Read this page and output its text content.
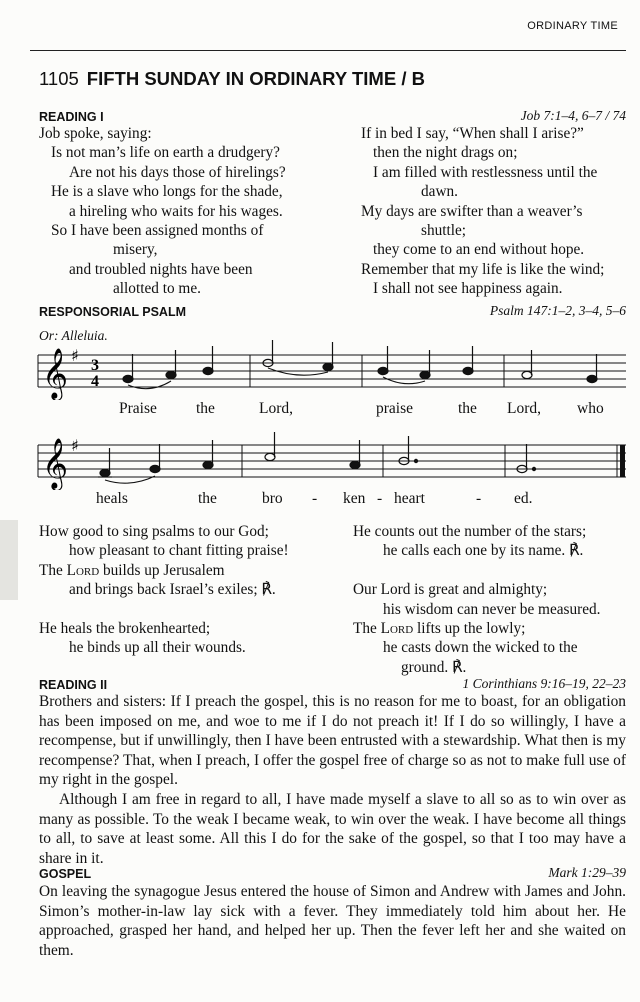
ORDINARY TIME
1105 FIFTH SUNDAY IN ORDINARY TIME / B
READING I	Job 7:1–4, 6–7 / 74
Job spoke, saying:
Is not man’s life on earth a drudgery?
Are not his days those of hirelings?
He is a slave who longs for the shade,
a hireling who waits for his wages.
So I have been assigned months of
misery,
and troubled nights have been
allotted to me.
If in bed I say, “When shall I arise?”
then the night drags on;
I am filled with restlessness until the
dawn.
My days are swifter than a weaver’s
shuttle;
they come to an end without hope.
Remember that my life is like the wind;
I shall not see happiness again.
RESPONSORIAL PSALM	Psalm 147:1–2, 3–4, 5–6
Or: Alleluia.
𝄞 ♯
3
4
Praise	the	Lord,	praise	the Lord, who
𝄞 ♯
heals	the	bro - ken - heart	- ed.
How good to sing psalms to our God;
how pleasant to chant fitting praise!
The Lord builds up Jerusalem
and brings back Israel’s exiles; ℟.
He heals the brokenhearted;
he binds up all their wounds.
He counts out the number of the stars;
he calls each one by its name. ℟.
Our Lord is great and almighty;
his wisdom can never be measured.
The Lord lifts up the lowly;
he casts down the wicked to the
ground. ℟.
READING II	1 Corinthians 9:16–19, 22–23

Brothers and sisters: If I preach the gospel, this is no reason for me to boast, for an obligation has been imposed on me, and woe to me if I do not preach it! If I do so willingly, I have a recompense, but if unwillingly, then I have been entrusted with a stewardship. What then is my recompense? That, when I preach, I offer the gospel free of charge so as not to make full use of my right in the gospel.

Although I am free in regard to all, I have made myself a slave to all so as to win over as many as possible. To the weak I became weak, to win over the weak. I have become all things to all, to save at least some. All this I do for the sake of the gospel, so that I too may have a share in it.

GOSPEL	Mark 1:29–39

On leaving the synagogue Jesus entered the house of Simon and Andrew with James and John. Simon’s mother-in-law lay sick with a fever. They immediately told him about her. He approached, grasped her hand, and helped her up. Then the fever left her and she waited on them.
